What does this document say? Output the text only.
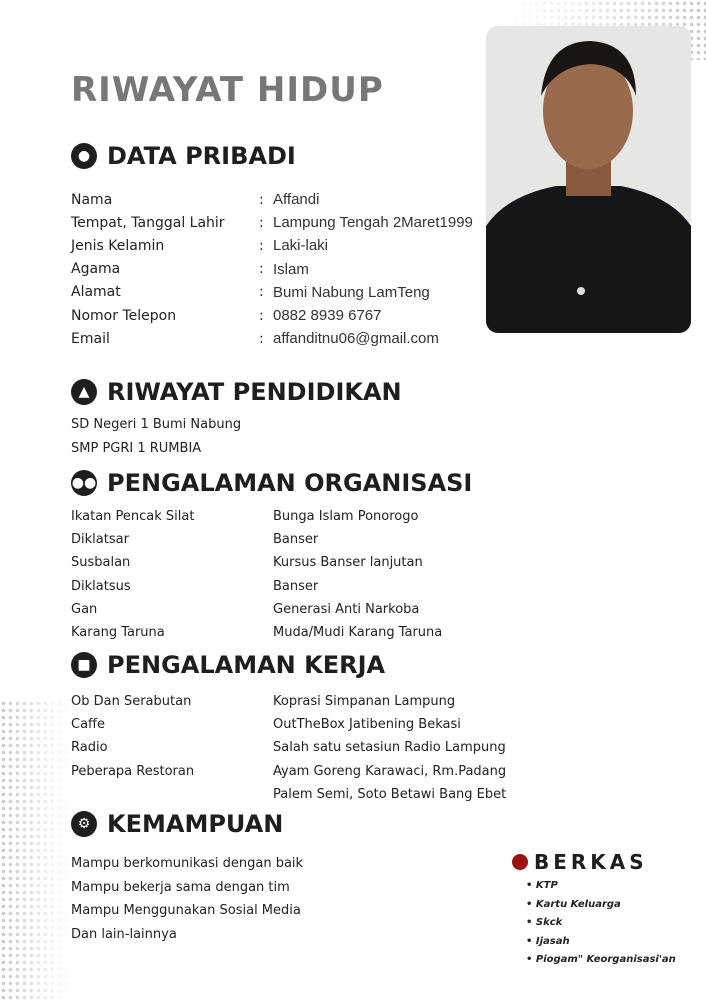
RIWAYAT HIDUP
● DATA PRIBADI
Nama	: Affandi
Tempat, Tanggal Lahir	: Lampung Tengah 2Maret1999
Jenis Kelamin	: Laki-laki
Agama	: Islam
Alamat	: Bumi Nabung LamTeng
Nomor Telepon	: 0882 8939 6767
Email	: affanditnu06@gmail.com
▲ RIWAYAT PENDIDIKAN
SD Negeri 1 Bumi Nabung
SMP PGRI 1 RUMBIA
●● PENGALAMAN ORGANISASI
Ikatan Pencak Silat	Bunga Islam Ponorogo
Diklatsar	Banser
Susbalan	Kursus Banser lanjutan
Diklatsus	Banser
Gan	Generasi Anti Narkoba
Karang Taruna	Muda/Mudi Karang Taruna
■ PENGALAMAN KERJA
Ob Dan Serabutan	Koprasi Simpanan Lampung
Caffe	OutTheBox Jatibening Bekasi
Radio	Salah satu setasiun Radio Lampung
Peberapa Restoran	Ayam Goreng Karawaci, Rm.Padang
Palem Semi, Soto Betawi Bang Ebet
⚙ KEMAMPUAN
Mampu berkomunikasi dengan baik
Mampu bekerja sama dengan tim
Mampu Menggunakan Sosial Media
Dan lain-lainnya
BERKAS
• KTP
• Kartu Keluarga
• Skck
• Ijasah
• Piogam" Keorganisasi'an
